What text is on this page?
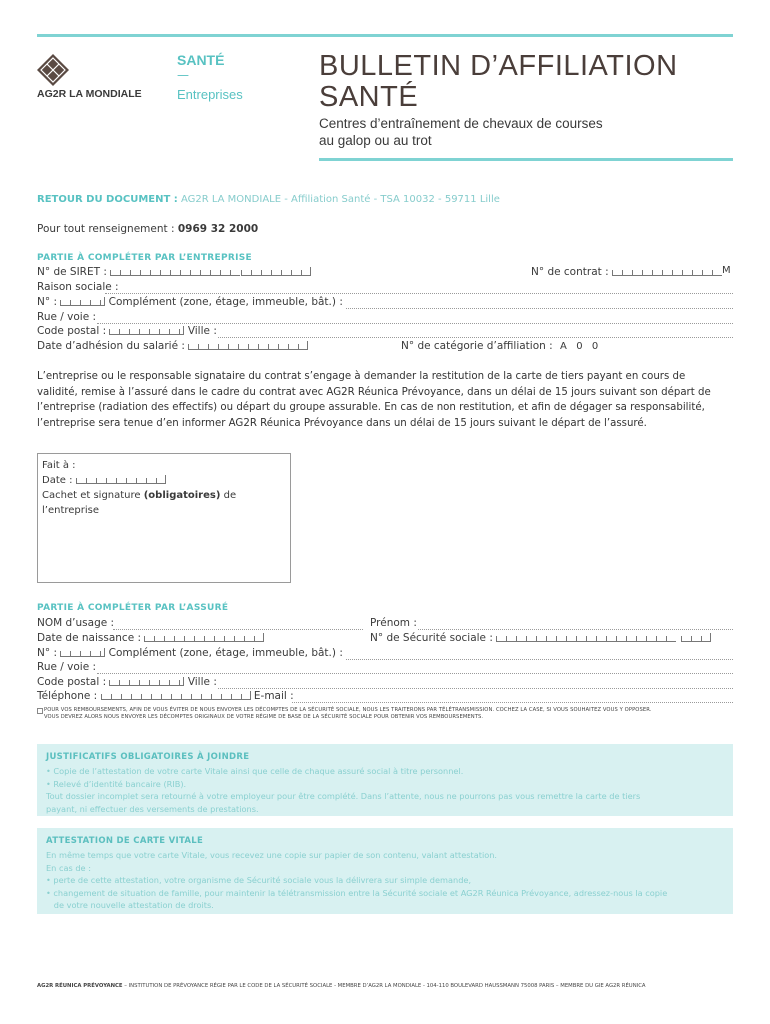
AG2R LA MONDIALE
SANTÉ
—
Entreprises
BULLETIN D’AFFILIATION
SANTÉ
Centres d’entraînement de chevaux de courses
au galop ou au trot
RETOUR DU DOCUMENT : AG2R LA MONDIALE - Affiliation Santé - TSA 10032 - 59711 Lille
Pour tout renseignement : 0969 32 2000
PARTIE À COMPLÉTER PAR L’ENTREPRISE
N° de SIRET :	N° de contrat :	M
Raison sociale :
N° :	Complément (zone, étage, immeuble, bât.) :
Rue / voie :
Code postal :	Ville :
Date d’adhésion du salarié :	N° de catégorie d’affiliation : A 0 0
L’entreprise ou le responsable signataire du contrat s’engage à demander la restitution de la carte de tiers payant en cours de
validité, remise à l’assuré dans le cadre du contrat avec AG2R Réunica Prévoyance, dans un délai de 15 jours suivant son départ de
l’entreprise (radiation des effectifs) ou départ du groupe assurable. En cas de non restitution, et afin de dégager sa responsabilité,
l’entreprise sera tenue d’en informer AG2R Réunica Prévoyance dans un délai de 15 jours suivant le départ de l’assuré.
Fait à :
Date :
Cachet et signature (obligatoires) de
l’entreprise
PARTIE À COMPLÉTER PAR L’ASSURÉ
NOM d’usage :	Prénom :
Date de naissance :	N° de Sécurité sociale :
N° :	Complément (zone, étage, immeuble, bât.) :
Rue / voie :
Code postal :	Ville :
Téléphone :	E-mail :
POUR VOS REMBOURSEMENTS, AFIN DE VOUS ÉVITER DE NOUS ENVOYER LES DÉCOMPTES DE LA SÉCURITÉ SOCIALE, NOUS LES TRAITERONS PAR TÉLÉTRANSMISSION. COCHEZ LA CASE, SI VOUS SOUHAITEZ VOUS Y OPPOSER.
VOUS DEVREZ ALORS NOUS ENVOYER LES DÉCOMPTES ORIGINAUX DE VOTRE RÉGIME DE BASE DE LA SÉCURITÉ SOCIALE POUR OBTENIR VOS REMBOURSEMENTS.
JUSTIFICATIFS OBLIGATOIRES À JOINDRE
• Copie de l’attestation de votre carte Vitale ainsi que celle de chaque assuré social à titre personnel.
• Relevé d’identité bancaire (RIB).
Tout dossier incomplet sera retourné à votre employeur pour être complété. Dans l’attente, nous ne pourrons pas vous remettre la carte de tiers
payant, ni effectuer des versements de prestations.
ATTESTATION DE CARTE VITALE
En même temps que votre carte Vitale, vous recevez une copie sur papier de son contenu, valant attestation.
En cas de :
• perte de cette attestation, votre organisme de Sécurité sociale vous la délivrera sur simple demande,
• changement de situation de famille, pour maintenir la télétransmission entre la Sécurité sociale et AG2R Réunica Prévoyance, adressez-nous la copie
de votre nouvelle attestation de droits.
AG2R RÉUNICA PRÉVOYANCE – INSTITUTION DE PRÉVOYANCE RÉGIE PAR LE CODE DE LA SÉCURITÉ SOCIALE - MEMBRE D’AG2R LA MONDIALE - 104-110 BOULEVARD HAUSSMANN 75008 PARIS – MEMBRE DU GIE AG2R RÉUNICA
